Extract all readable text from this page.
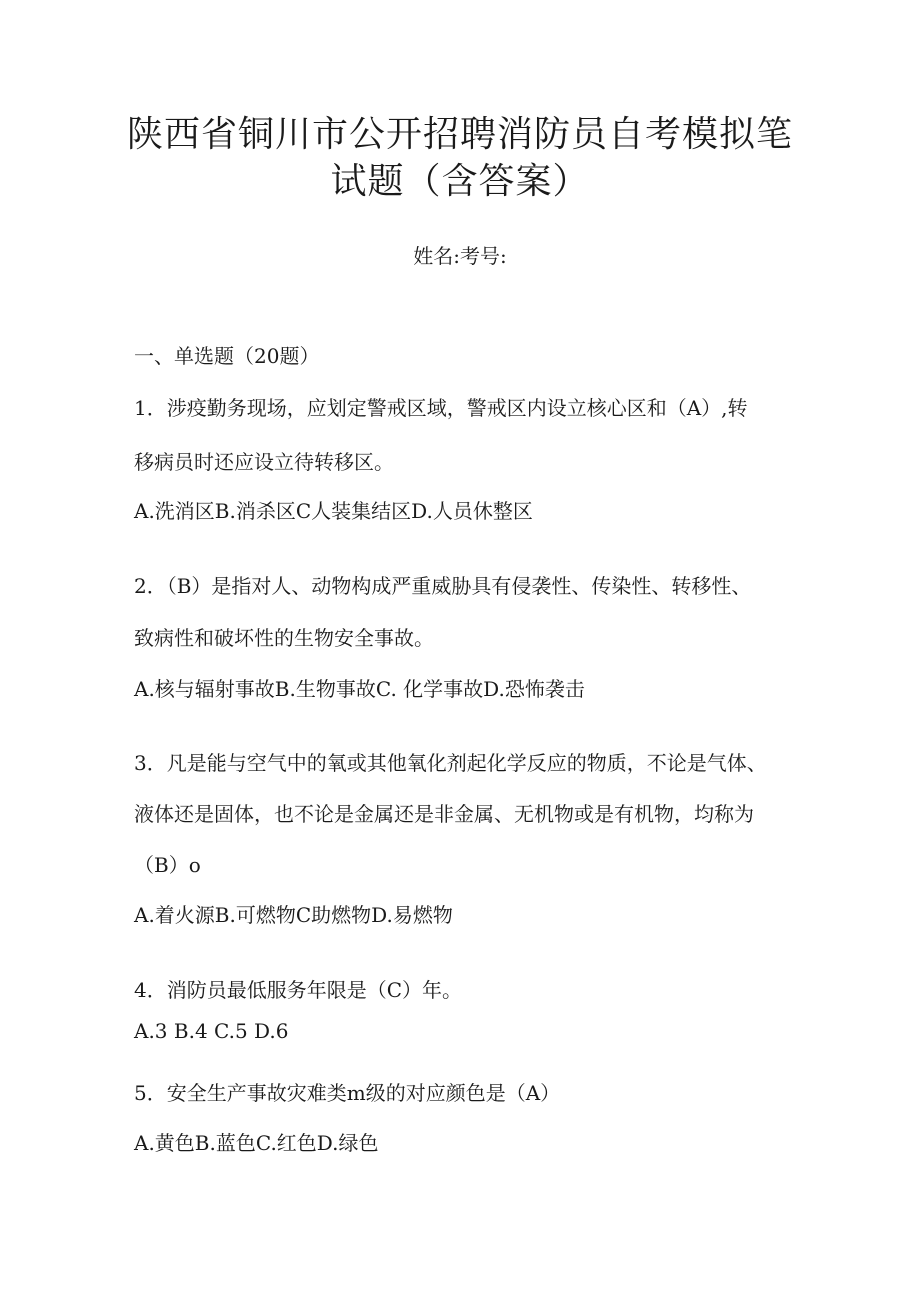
陕西省铜川市公开招聘消防员自考模拟笔
试题（含答案）
姓名:考号:
一、单选题（20题）
1．涉疫勤务现场，应划定警戒区域，警戒区内设立核心区和（A）,转
移病员时还应设立待转移区。
A.洗消区B.消杀区C人装集结区D.人员休整区
2．（B）是指对人、动物构成严重威胁具有侵袭性、传染性、转移性、
致病性和破坏性的生物安全事故。
A.核与辐射事故B.生物事故C. 化学事故D.恐怖袭击
3．凡是能与空气中的氧或其他氧化剂起化学反应的物质，不论是气体、
液体还是固体，也不论是金属还是非金属、无机物或是有机物，均称为
（B）o
A.着火源B.可燃物C助燃物D.易燃物
4．消防员最低服务年限是（C）年。
A.3 B.4 C.5 D.6
5．安全生产事故灾难类m级的对应颜色是（A）
A.黄色B.蓝色C.红色D.绿色
